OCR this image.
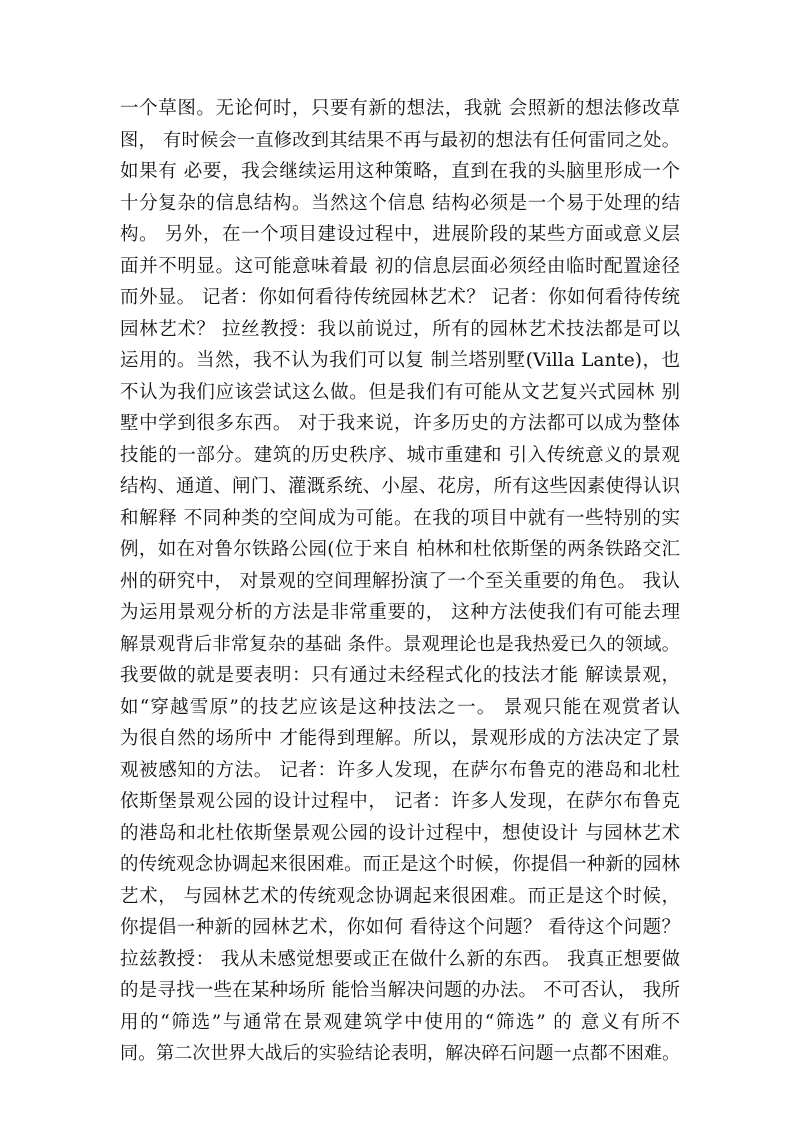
一个草图。无论何时，只要有新的想法，我就 会照新的想法修改草
图， 有时候会一直修改到其结果不再与最初的想法有任何雷同之处。
如果有 必要，我会继续运用这种策略，直到在我的头脑里形成一个
十分复杂的信息结构。当然这个信息 结构必须是一个易于处理的结
构。 另外，在一个项目建设过程中，进展阶段的某些方面或意义层
面并不明显。这可能意味着最 初的信息层面必须经由临时配置途径
而外显。 记者：你如何看待传统园林艺术？ 记者：你如何看待传统
园林艺术？ 拉丝教授：我以前说过，所有的园林艺术技法都是可以
运用的。当然，我不认为我们可以复 制兰塔别墅(Villa Lante)，也
不认为我们应该尝试这么做。但是我们有可能从文艺复兴式园林 别
墅中学到很多东西。 对于我来说，许多历史的方法都可以成为整体
技能的一部分。建筑的历史秩序、城市重建和 引入传统意义的景观
结构、通道、闸门、灌溉系统、小屋、花房，所有这些因素使得认识
和解释 不同种类的空间成为可能。在我的项目中就有一些特别的实
例，如在对鲁尔铁路公园(位于来自 柏林和杜依斯堡的两条铁路交汇
州的研究中， 对景观的空间理解扮演了一个至关重要的角色。 我认
为运用景观分析的方法是非常重要的， 这种方法使我们有可能去理
解景观背后非常复杂的基础 条件。景观理论也是我热爱已久的领域。
我要做的就是要表明：只有通过未经程式化的技法才能 解读景观，
如“穿越雪原”的技艺应该是这种技法之一。 景观只能在观赏者认
为很自然的场所中 才能得到理解。所以，景观形成的方法决定了景
观被感知的方法。 记者：许多人发现，在萨尔布鲁克的港岛和北杜
依斯堡景观公园的设计过程中， 记者：许多人发现，在萨尔布鲁克
的港岛和北杜依斯堡景观公园的设计过程中，想使设计 与园林艺术
的传统观念协调起来很困难。而正是这个时候，你提倡一种新的园林
艺术， 与园林艺术的传统观念协调起来很困难。而正是这个时候，
你提倡一种新的园林艺术，你如何 看待这个问题？ 看待这个问题？
拉兹教授： 我从未感觉想要或正在做什么新的东西。 我真正想要做
的是寻找一些在某种场所 能恰当解决问题的办法。 不可否认， 我所
用的“筛选”与通常在景观建筑学中使用的“筛选” 的 意义有所不
同。第二次世界大战后的实验结论表明，解决碎石问题一点都不困难。
